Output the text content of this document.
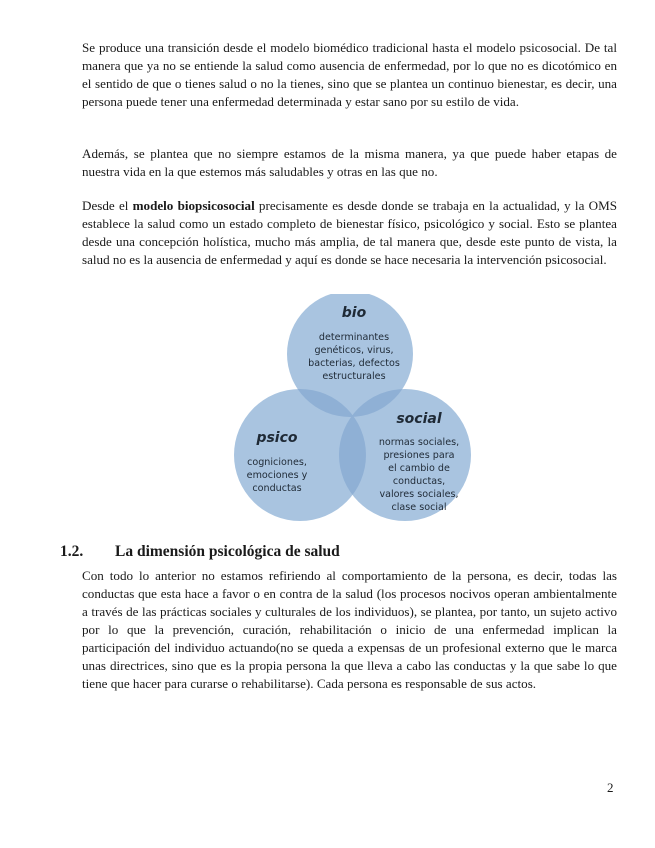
Se produce una transición desde el modelo biomédico tradicional hasta el modelo psicosocial. De tal manera que ya no se entiende la salud como ausencia de enfermedad, por lo que no es dicotómico en el sentido de que o tienes salud o no la tienes, sino que se plantea un continuo bienestar, es decir, una persona puede tener una enfermedad determinada y estar sano por su estilo de vida.

Además, se plantea que no siempre estamos de la misma manera, ya que puede haber etapas de nuestra vida en la que estemos más saludables y otras en las que no.

Desde el modelo biopsicosocial precisamente es desde donde se trabaja en la actualidad, y la OMS establece la salud como un estado completo de bienestar físico, psicológico y social. Esto se plantea desde una concepción holística, mucho más amplia, de tal manera que, desde este punto de vista, la salud no es la ausencia de enfermedad y aquí es donde se hace necesaria la intervención psicosocial.

bio
determinantes
genéticos, virus,
bacterias, defectos
estructurales
psico
cogniciones,
emociones y
conductas
social
normas sociales,
presiones para
el cambio de
conductas,
valores sociales,
clase social
1.2. La dimensión psicológica de salud

Con todo lo anterior no estamos refiriendo al comportamiento de la persona, es decir, todas las conductas que esta hace a favor o en contra de la salud (los procesos nocivos operan ambientalmente a través de las prácticas sociales y culturales de los individuos), se plantea, por tanto, un sujeto activo por lo que la prevención, curación, rehabilitación o inicio de una enfermedad implican la participación del individuo actuando(no se queda a expensas de un profesional externo que le marca unas directrices, sino que es la propia persona la que lleva a cabo las conductas y la que sabe lo que tiene que hacer para curarse o rehabilitarse). Cada persona es responsable de sus actos.

2
